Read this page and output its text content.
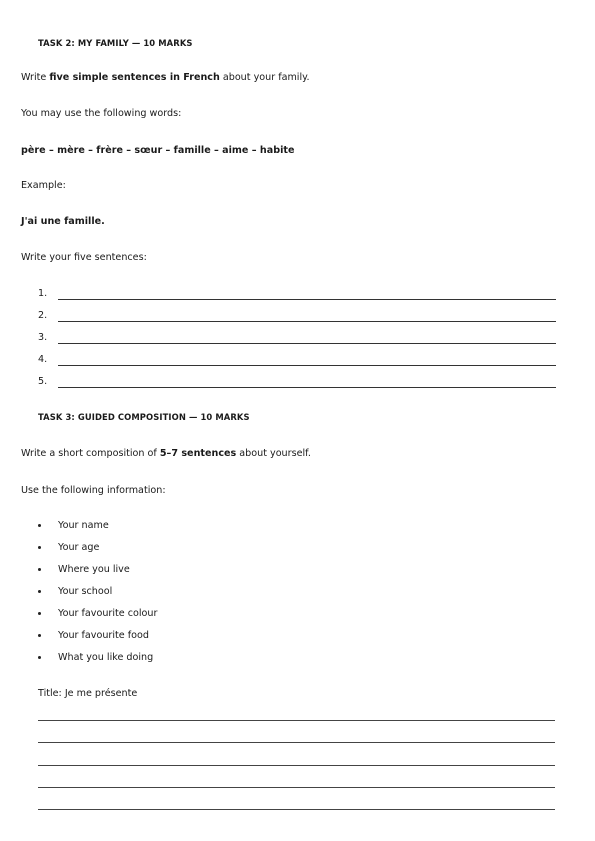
TASK 2: MY FAMILY — 10 MARKS
Write five simple sentences in French about your family.
You may use the following words:
père – mère – frère – sœur – famille – aime – habite
Example:
J'ai une famille.
Write your five sentences:
1.
2.
3.
4.
5.
TASK 3: GUIDED COMPOSITION — 10 MARKS
Write a short composition of 5–7 sentences about yourself.
Use the following information:
Your name
Your age
Where you live
Your school
Your favourite colour
Your favourite food
What you like doing
Title: Je me présente
